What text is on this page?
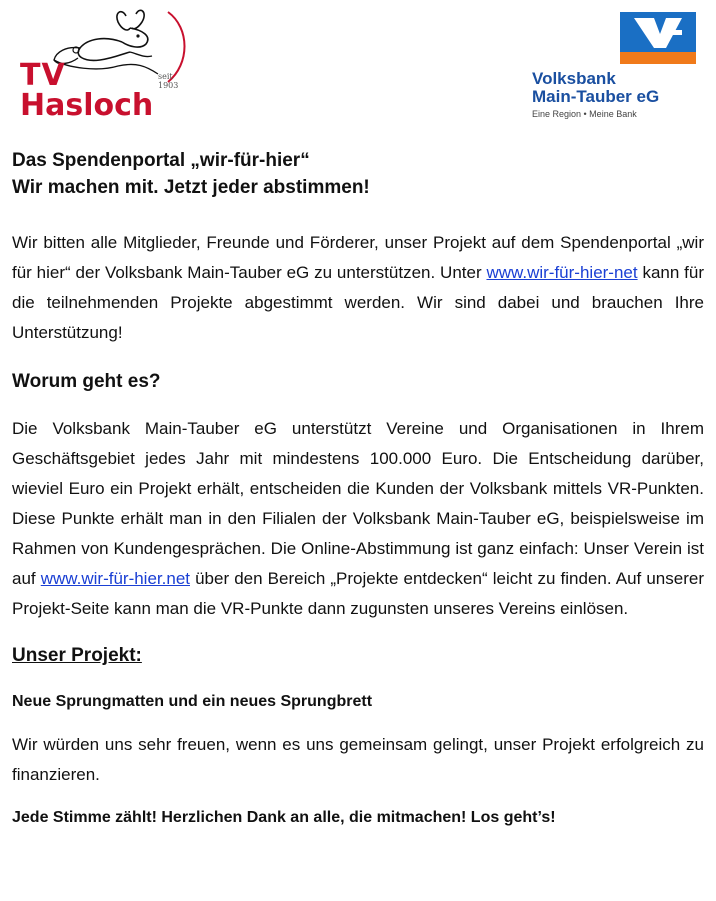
TV
Hasloch
seit 1903	Volksbank
Main-Tauber eG
Eine Region • Meine Bank
Das Spendenportal „wir-für-hier“
Wir machen mit. Jetzt jeder abstimmen!

Wir bitten alle Mitglieder, Freunde und Förderer, unser Projekt auf dem Spendenportal „wir für hier“ der Volksbank Main-Tauber eG zu unterstützen. Unter www.wir-für-hier-net kann für die teilnehmenden Projekte abgestimmt werden. Wir sind dabei und brauchen Ihre Unterstützung!

Worum geht es?

Die Volksbank Main-Tauber eG unterstützt Vereine und Organisationen in Ihrem Geschäftsgebiet jedes Jahr mit mindestens 100.000 Euro. Die Entscheidung darüber, wieviel Euro ein Projekt erhält, entscheiden die Kunden der Volksbank mittels VR-Punkten. Diese Punkte erhält man in den Filialen der Volksbank Main-Tauber eG, beispielsweise im Rahmen von Kundengesprächen. Die Online-Abstimmung ist ganz einfach: Unser Verein ist auf www.wir-für-hier.net über den Bereich „Projekte entdecken“ leicht zu finden. Auf unserer Projekt-Seite kann man die VR-Punkte dann zugunsten unseres Vereins einlösen.

Unser Projekt:
Neue Sprungmatten und ein neues Sprungbrett

Wir würden uns sehr freuen, wenn es uns gemeinsam gelingt, unser Projekt erfolgreich zu finanzieren.

Jede Stimme zählt! Herzlichen Dank an alle, die mitmachen! Los geht’s!
